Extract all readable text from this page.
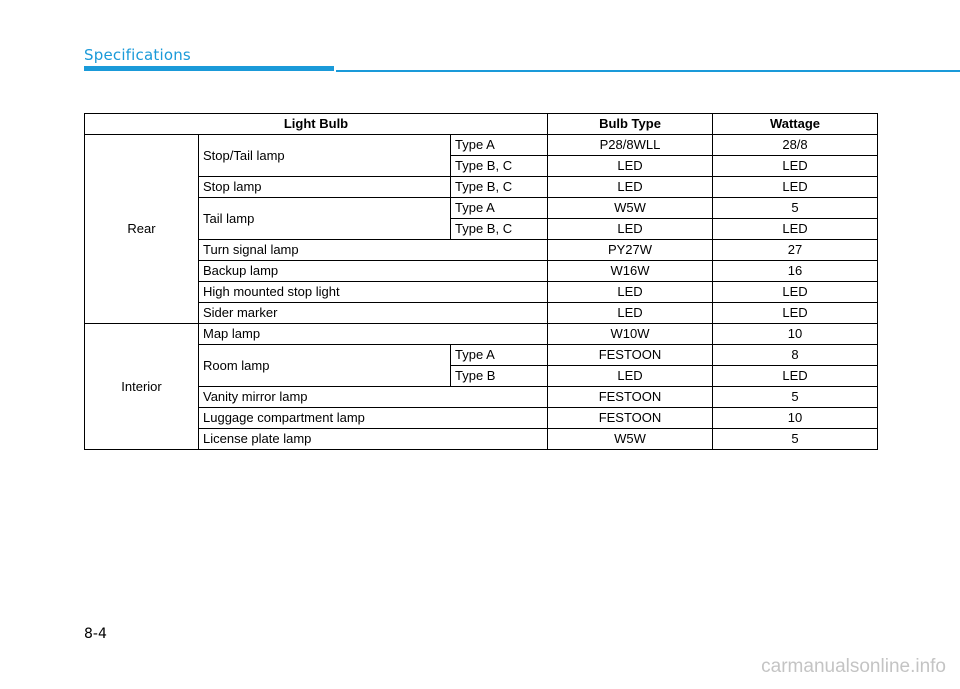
Specifications
Light Bulb			Bulb Type	Wattage
Rear	Stop/Tail lamp	Type A	P28/8WLL	28/8
		Type B, C	LED	LED
	Stop lamp	Type B, C	LED	LED
	Tail lamp	Type A	W5W	5
		Type B, C	LED	LED
	Turn signal lamp		PY27W	27
	Backup lamp		W16W	16
	High mounted stop light		LED	LED
	Sider marker		LED	LED
Interior	Map lamp		W10W	10
	Room lamp	Type A	FESTOON	8
		Type B	LED	LED
	Vanity mirror lamp		FESTOON	5
	Luggage compartment lamp		FESTOON	10
	License plate lamp		W5W	5
8-4
carmanualsonline.info
